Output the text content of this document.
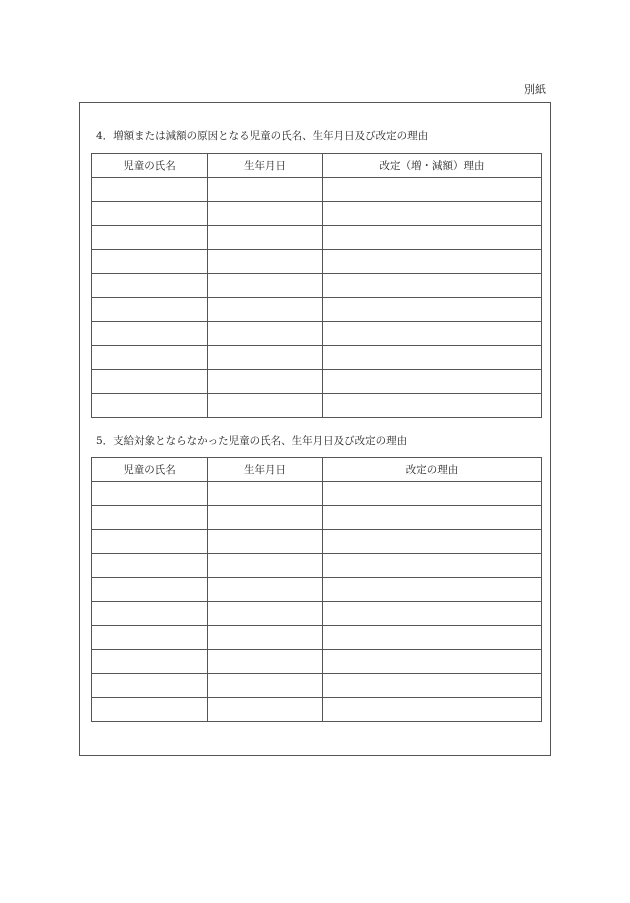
別紙
4．増額または減額の原因となる児童の氏名、生年月日及び改定の理由
児童の氏名	生年月日	改定（増・減額）理由

5．支給対象とならなかった児童の氏名、生年月日及び改定の理由
児童の氏名	生年月日	改定の理由
